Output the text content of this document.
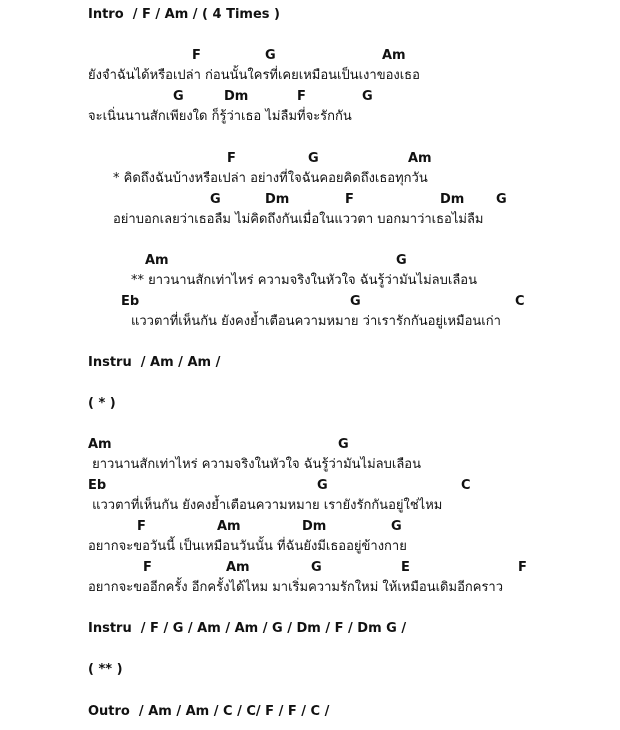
Intro  / F / Am / ( 4 Times )
F	G	Am
ยังจำฉันได้หรือเปล่า ก่อนนั้นใครที่เคยเหมือนเป็นเงาของเธอ
G	Dm	F	G
จะเนิ่นนานสักเพียงใด ก็รู้ว่าเธอ ไม่ลืมที่จะรักกัน
F	G	Am
* คิดถึงฉันบ้างหรือเปล่า อย่างที่ใจฉันคอยคิดถึงเธอทุกวัน
G	Dm	F	Dm G
อย่าบอกเลยว่าเธอลืม ไม่คิดถึงกันเมื่อในแววตา บอกมาว่าเธอไม่ลืม
Am	G
** ยาวนานสักเท่าไหร่ ความจริงในหัวใจ ฉันรู้ว่ามันไม่ลบเลือน
Eb	G	C
แววตาที่เห็นกัน ยังคงย้ำเตือนความหมาย ว่าเรารักกันอยู่เหมือนเก่า
Instru  / Am / Am /
( * )
Am	G
ยาวนานสักเท่าไหร่ ความจริงในหัวใจ ฉันรู้ว่ามันไม่ลบเลือน
Eb	G	C
แววตาที่เห็นกัน ยังคงย้ำเตือนความหมาย เรายังรักกันอยู่ใช่ไหม
F	Am	Dm	G
อยากจะขอวันนี้ เป็นเหมือนวันนั้น ที่ฉันยังมีเธออยู่ข้างกาย
F	Am	G	E	F
อยากจะขออีกครั้ง อีกครั้งได้ไหม มาเริ่มความรักใหม่ ให้เหมือนเดิมอีกคราว
Instru  / F / G / Am / Am / G / Dm / F / Dm G /
( ** )
Outro  / Am / Am / C / C/ F / F / C /
